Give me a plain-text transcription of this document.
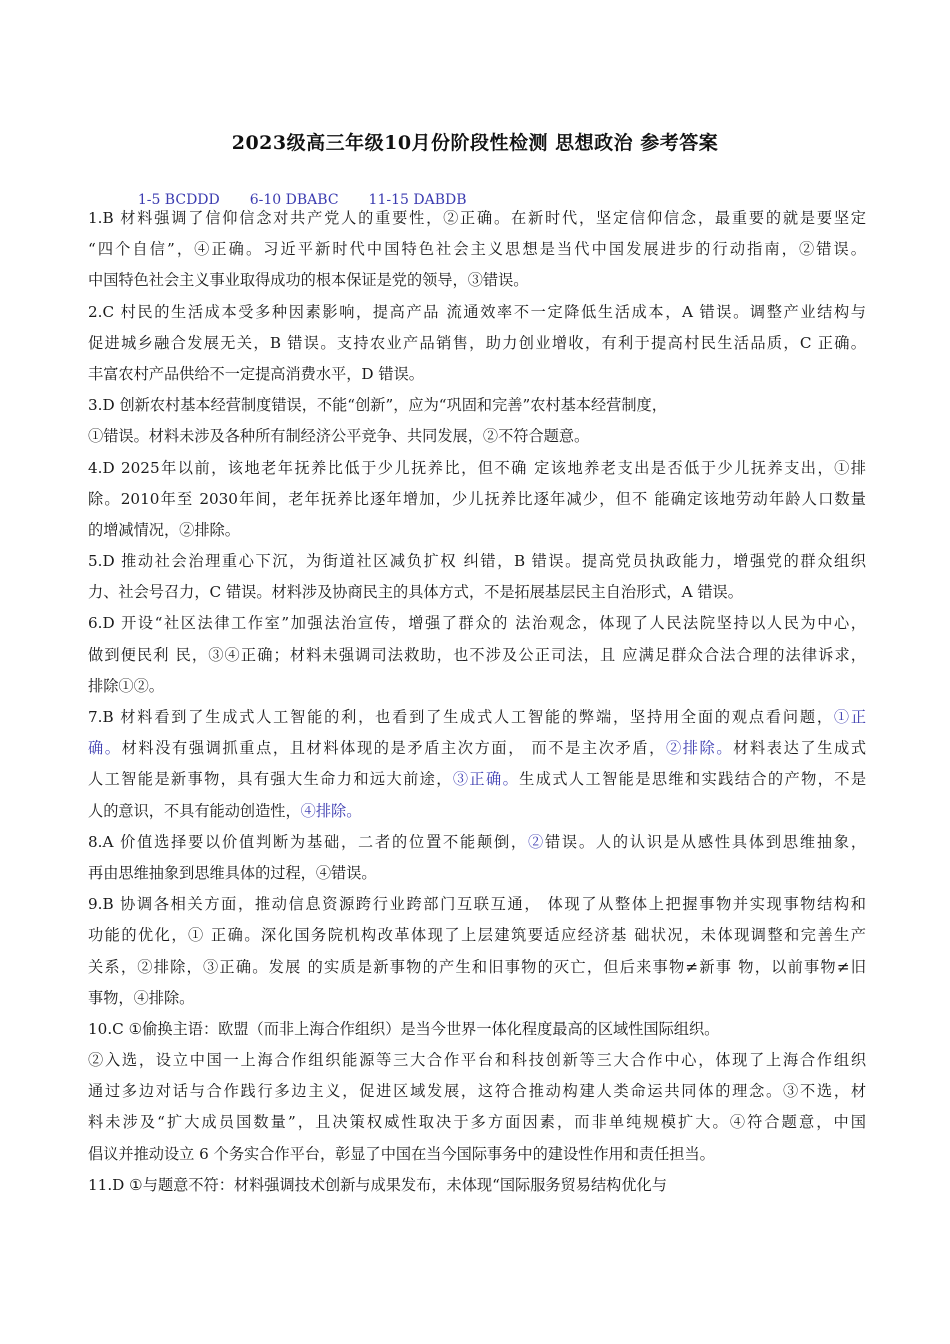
2023级高三年级10月份阶段性检测 思想政治 参考答案

1-5 BCDDD 6-10 DBABC 11-15 DABDB

1.B 材料强调了信仰信念对共产党人的重要性，②正确。在新时代，坚定信仰信念，最重要的就是要坚定
“四个自信”，④正确。习近平新时代中国特色社会主义思想是当代中国发展进步的行动指南，②错误。
中国特色社会主义事业取得成功的根本保证是党的领导，③错误。
2.C 村民的生活成本受多种因素影响，提高产品 流通效率不一定降低生活成本，A 错误。调整产业结构与
促进城乡融合发展无关，B 错误。支持农业产品销售，助力创业增收，有利于提高村民生活品质，C 正确。
丰富农村产品供给不一定提高消费水平，D 错误。
3.D 创新农村基本经营制度错误，不能“创新”，应为“巩固和完善”农村基本经营制度，
①错误。材料未涉及各种所有制经济公平竞争、共同发展，②不符合题意。
4.D 2025年以前，该地老年抚养比低于少儿抚养比，但不确 定该地养老支出是否低于少儿抚养支出，①排
除。2010年至 2030年间，老年抚养比逐年增加，少儿抚养比逐年减少，但不 能确定该地劳动年龄人口数量
的增减情况，②排除。
5.D 推动社会治理重心下沉，为街道社区减负扩权 纠错，B 错误。提高党员执政能力，增强党的群众组织
力、社会号召力，C 错误。材料涉及协商民主的具体方式，不是拓展基层民主自治形式，A 错误。
6.D 开设“社区法律工作室”加强法治宣传，增强了群众的 法治观念，体现了人民法院坚持以人民为中心，
做到便民利 民，③④正确；材料未强调司法救助，也不涉及公正司法，且 应满足群众合法合理的法律诉求，
排除①②。
7.B 材料看到了生成式人工智能的利，也看到了生成式人工智能的弊端，坚持用全面的观点看问题，①正
确。材料没有强调抓重点，且材料体现的是矛盾主次方面， 而不是主次矛盾，②排除。材料表达了生成式
人工智能是新事物，具有强大生命力和远大前途，③正确。生成式人工智能是思维和实践结合的产物，不是
人的意识，不具有能动创造性，④排除。
8.A 价值选择要以价值判断为基础，二者的位置不能颠倒，②错误。人的认识是从感性具体到思维抽象，
再由思维抽象到思维具体的过程，④错误。
9.B 协调各相关方面，推动信息资源跨行业跨部门互联互通， 体现了从整体上把握事物并实现事物结构和
功能的优化，① 正确。深化国务院机构改革体现了上层建筑要适应经济基 础状况，未体现调整和完善生产
关系，②排除，③正确。发展 的实质是新事物的产生和旧事物的灭亡，但后来事物≠新事 物，以前事物≠旧
事物，④排除。
10.C ①偷换主语：欧盟（而非上海合作组织）是当今世界一体化程度最高的区域性国际组织。
②入选，设立中国一上海合作组织能源等三大合作平台和科技创新等三大合作中心，体现了上海合作组织
通过多边对话与合作践行多边主义，促进区域发展，这符合推动构建人类命运共同体的理念。③不选，材
料未涉及“扩大成员国数量”，且决策权威性取决于多方面因素，而非单纯规模扩大。④符合题意，中国
倡议并推动设立 6 个务实合作平台，彰显了中国在当今国际事务中的建设性作用和责任担当。
11.D ①与题意不符：材料强调技术创新与成果发布，未体现“国际服务贸易结构优化与
